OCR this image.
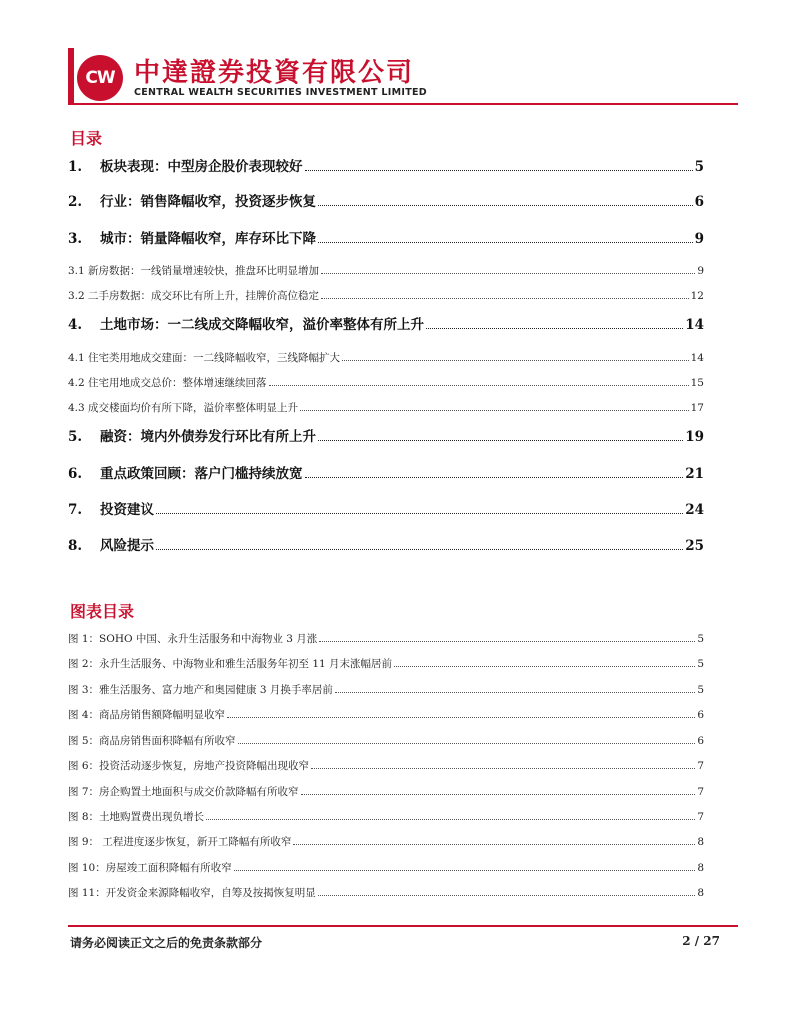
CW 中達證券投資有限公司
CENTRAL WEALTH SECURITIES INVESTMENT LIMITED
目录
1.	板块表现：中型房企股价表现较好	5
2.	行业：销售降幅收窄，投资逐步恢复	6
3.	城市：销量降幅收窄，库存环比下降	9
3.1 新房数据：一线销量增速较快，推盘环比明显增加	9
3.2 二手房数据：成交环比有所上升，挂牌价高位稳定	12
4.	土地市场：一二线成交降幅收窄，溢价率整体有所上升	14
4.1 住宅类用地成交建面：一二线降幅收窄，三线降幅扩大	14
4.2 住宅用地成交总价：整体增速继续回落	15
4.3 成交楼面均价有所下降，溢价率整体明显上升	17
5.	融资：境内外债券发行环比有所上升	19
6.	重点政策回顾：落户门槛持续放宽	21
7.	投资建议	24
8.	风险提示	25
图表目录
图 1：SOHO 中国、永升生活服务和中海物业 3 月涨	5
图 2：永升生活服务、中海物业和雅生活服务年初至 11 月末涨幅居前	5
图 3：雅生活服务、富力地产和奥园健康 3 月换手率居前	5
图 4：商品房销售额降幅明显收窄	6
图 5：商品房销售面积降幅有所收窄	6
图 6：投资活动逐步恢复，房地产投资降幅出现收窄	7
图 7：房企购置土地面积与成交价款降幅有所收窄	7
图 8：土地购置费出现负增长	7
图 9： 工程进度逐步恢复，新开工降幅有所收窄	8
图 10：房屋竣工面积降幅有所收窄	8
图 11：开发资金来源降幅收窄，自筹及按揭恢复明显	8
请务必阅读正文之后的免责条款部分	2 / 27
